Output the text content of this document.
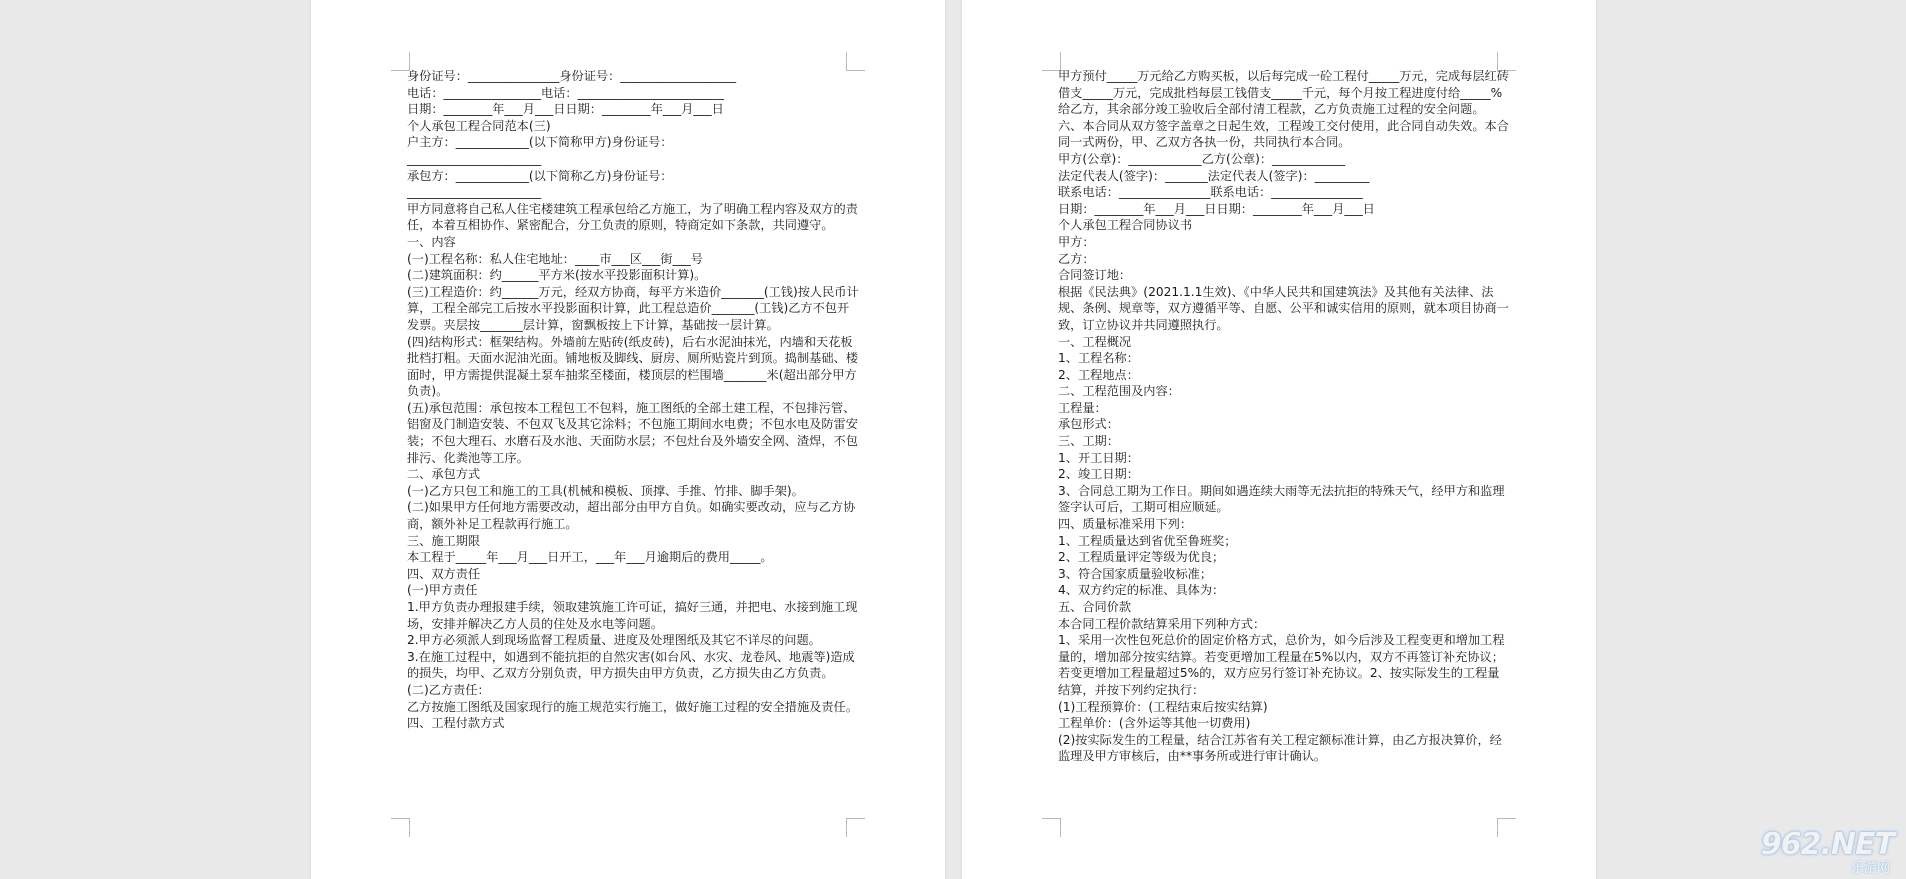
身份证号：_______________身份证号：___________________
电话：________________电话：________________________
日期：________年___月___日日期：________年___月___日
个人承包工程合同范本(三)
户主方：____________(以下简称甲方)身份证号：
______________________
承包方：____________(以下简称乙方)身份证号：
______________________
甲方同意将自己私人住宅楼建筑工程承包给乙方施工，为了明确工程内容及双方的责任，本着互相协作、紧密配合，分工负责的原则，特商定如下条款，共同遵守。
一、内容
(一)工程名称：私人住宅地址：____市___区___街___号
(二)建筑面积：约______平方米(按水平投影面积计算)。
(三)工程造价：约______万元，经双方协商，每平方米造价_______(工钱)按人民币计算，工程全部完工后按水平投影面积计算，此工程总造价_______(工钱)乙方不包开发票。夹层按_______层计算，窗飘板按上下计算，基础按一层计算。
(四)结构形式：框架结构。外墙前左贴砖(纸皮砖)，后右水泥油抹光，内墙和天花板批档打粗。天面水泥油光面。铺地板及脚线、厨房、厕所贴瓷片到顶。捣制基础、楼面时，甲方需提供混凝土泵车抽浆至楼面，楼顶层的栏围墙_______米(超出部分甲方负责)。
(五)承包范围：承包按本工程包工不包料，施工图纸的全部土建工程，不包排污管、铝窗及门制造安装、不包双飞及其它涂料；不包施工期间水电费；不包水电及防雷安装；不包大理石、水磨石及水池、天面防水层；不包灶台及外墙安全网、渣焊，不包排污、化粪池等工序。
二、承包方式
(一)乙方只包工和施工的工具(机械和模板、顶撑、手推、竹排、脚手架)。
(二)如果甲方任何地方需要改动，超出部分由甲方自负。如确实要改动，应与乙方协商，额外补足工程款再行施工。
三、施工期限
本工程于_____年___月___日开工，___年___月逾期后的费用_____。
四、双方责任
(一)甲方责任
1.甲方负责办理报建手续，领取建筑施工许可证，搞好三通，并把电、水接到施工现场，安排并解决乙方人员的住处及水电等问题。
2.甲方必须派人到现场监督工程质量、进度及处理图纸及其它不详尽的问题。
3.在施工过程中，如遇到不能抗拒的自然灾害(如台风、水灾、龙卷风、地震等)造成的损失，均甲、乙双方分别负责，甲方损失由甲方负责，乙方损失由乙方负责。
(二)乙方责任：
乙方按施工图纸及国家现行的施工规范实行施工，做好施工过程的安全措施及责任。
四、工程付款方式
甲方预付_____万元给乙方购买板，以后每完成一砼工程付_____万元，完成每层红砖借支_____万元，完成批档每层工钱借支_____千元，每个月按工程进度付给_____%给乙方，其余部分竣工验收后全部付清工程款，乙方负责施工过程的安全问题。
六、本合同从双方签字盖章之日起生效，工程竣工交付使用，此合同自动失效。本合同一式两份，甲、乙双方各执一份，共同执行本合同。
甲方(公章)：____________乙方(公章)：____________
法定代表人(签字)：_______法定代表人(签字)：_________
联系电话：_______________联系电话：_______________
日期：________年___月___日日期：________年___月___日
个人承包工程合同协议书
甲方：
乙方：
合同签订地：
根据《民法典》(2021.1.1生效)、《中华人民共和国建筑法》及其他有关法律、法规、条例、规章等，双方遵循平等、自愿、公平和诚实信用的原则，就本项目协商一致，订立协议并共同遵照执行。
一、工程概况
1、工程名称：
2、工程地点：
二、工程范围及内容：
工程量：
承包形式：
三、工期：
1、开工日期：
2、竣工日期：
3、合同总工期为工作日。期间如遇连续大雨等无法抗拒的特殊天气，经甲方和监理签字认可后，工期可相应顺延。
四、质量标准采用下列：
1、工程质量达到省优至鲁班奖；
2、工程质量评定等级为优良；
3、符合国家质量验收标准；
4、双方约定的标准、具体为：
五、合同价款
本合同工程价款结算采用下列种方式：
1、采用一次性包死总价的固定价格方式，总价为，如今后涉及工程变更和增加工程量的，增加部分按实结算。若变更增加工程量在5%以内，双方不再签订补充协议；若变更增加工程量超过5%的，双方应另行签订补充协议。2、按实际发生的工程量结算，并按下列约定执行：
(1)工程预算价：(工程结束后按实结算)
工程单价：(含外运等其他一切费用)
(2)按实际发生的工程量，结合江苏省有关工程定额标准计算，由乙方报决算价，经监理及甲方审核后，由**事务所或进行审计确认。
962.NET
乐游网
